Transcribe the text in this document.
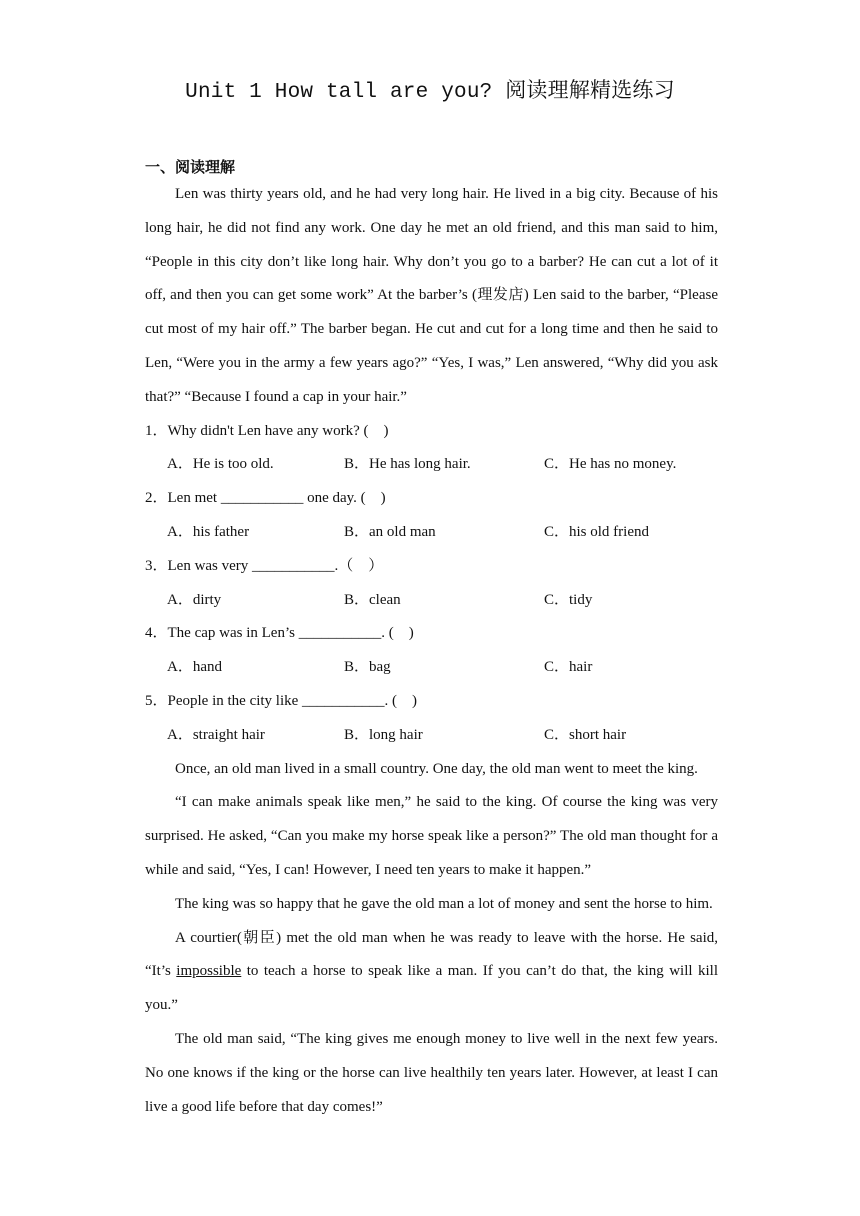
Unit 1 How tall are you? 阅读理解精选练习
一、阅读理解

Len was thirty years old, and he had very long hair. He lived in a big city. Because of his long hair, he did not find any work. One day he met an old friend, and this man said to him, “People in this city don’t like long hair. Why don’t you go to a barber? He can cut a lot of it off, and then you can get some work” At the barber’s (理发店) Len said to the barber, “Please cut most of my hair off.” The barber began. He cut and cut for a long time and then he said to Len, “Were you in the army a few years ago?” “Yes, I was,” Len answered, “Why did you ask that?” “Because I found a cap in your hair.”

1．Why didn't Len have any work? (　)

A．He is too old.	B．He has long hair.	C．He has no money.

2．Len met ___________ one day. (　)

A．his father	B．an old man	C．his old friend

3．Len was very ___________.（　）

A．dirty	B．clean	C．tidy

4．The cap was in Len’s ___________. (　)

A．hand	B．bag	C．hair

5．People in the city like ___________. (　)

A．straight hair	B．long hair	C．short hair

Once, an old man lived in a small country. One day, the old man went to meet the king.

“I can make animals speak like men,” he said to the king. Of course the king was very surprised. He asked, “Can you make my horse speak like a person?” The old man thought for a while and said, “Yes, I can! However, I need ten years to make it happen.”

The king was so happy that he gave the old man a lot of money and sent the horse to him.

A courtier(朝臣) met the old man when he was ready to leave with the horse. He said, “It’s impossible to teach a horse to speak like a man. If you can’t do that, the king will kill you.”

The old man said, “The king gives me enough money to live well in the next few years. No one knows if the king or the horse can live healthily ten years later. However, at least I can live a good life before that day comes!”
